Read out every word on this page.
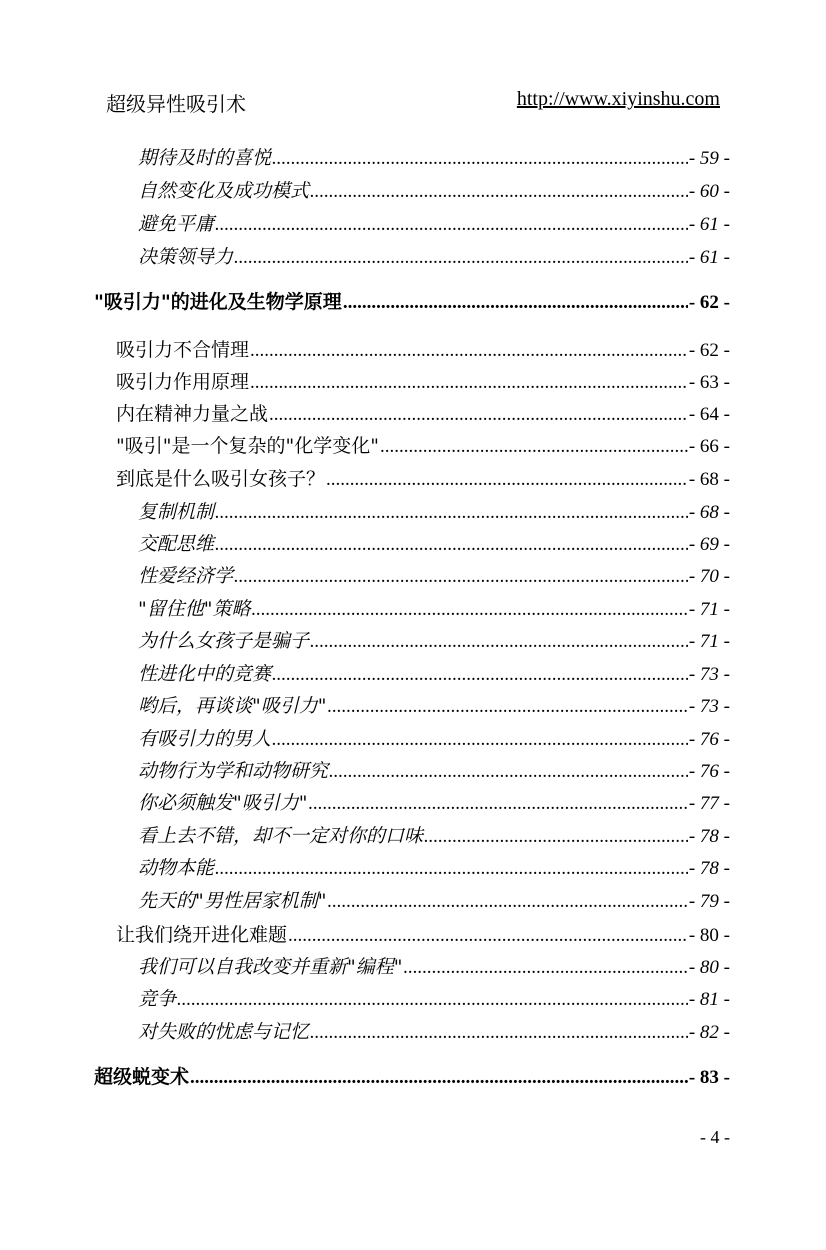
超级异性吸引术	http://www.xiyinshu.com
期待及时的喜悦 .....	- 59 -
自然变化及成功模式 .....	- 60 -
避免平庸 .....	- 61 -
决策领导力 .....	- 61 -
"吸引力"的进化及生物学原理 .....	- 62 -
吸引力不合情理 .....	- 62 -
吸引力作用原理 .....	- 63 -
内在精神力量之战 .....	- 64 -
"吸引"是一个复杂的"化学变化" .....	- 66 -
到底是什么吸引女孩子？ .....	- 68 -
复制机制 .....	- 68 -
交配思维 .....	- 69 -
性爱经济学 .....	- 70 -
"留住他"策略 .....	- 71 -
为什么女孩子是骗子 .....	- 71 -
性进化中的竞赛 .....	- 73 -
哟后，再谈谈"吸引力" .....	- 73 -
有吸引力的男人 .....	- 76 -
动物行为学和动物研究 .....	- 76 -
你必须触发"吸引力" .....	- 77 -
看上去不错，却不一定对你的口味 .....	- 78 -
动物本能 .....	- 78 -
先天的"男性居家机制" .....	- 79 -
让我们绕开进化难题 .....	- 80 -
我们可以自我改变并重新"编程" .....	- 80 -
竞争 .....	- 81 -
对失败的忧虑与记忆 .....	- 82 -
超级蜕变术 .....	- 83 -
- 4 -
